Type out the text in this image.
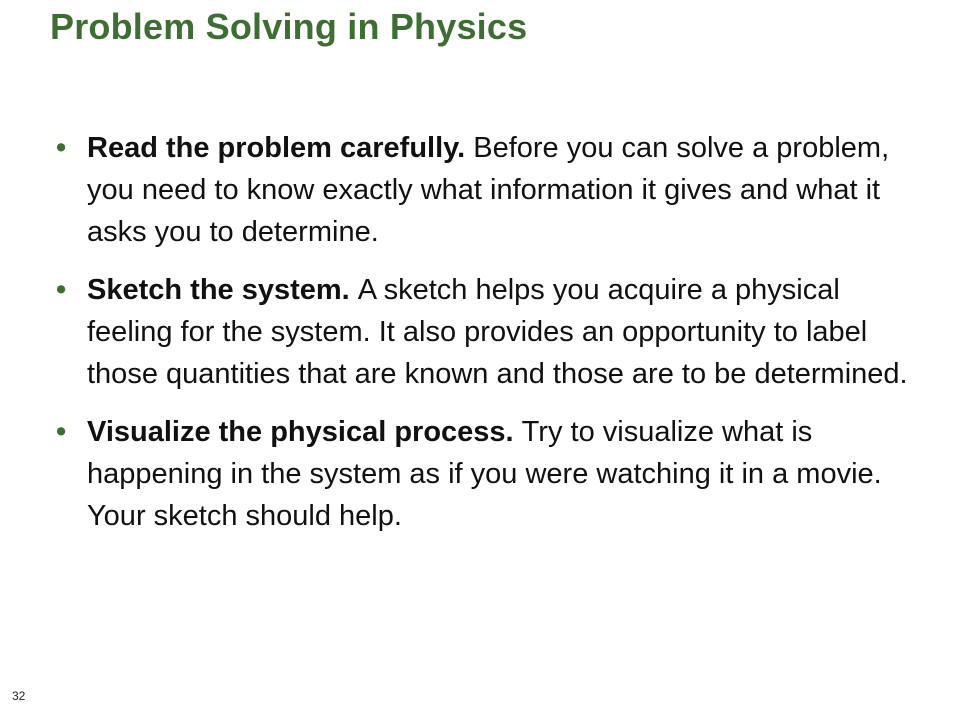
Problem Solving in Physics
• Read the problem carefully. Before you can solve a problem, you need to know exactly what information it gives and what it asks you to determine.
• Sketch the system. A sketch helps you acquire a physical feeling for the system. It also provides an opportunity to label those quantities that are known and those are to be determined.
• Visualize the physical process. Try to visualize what is happening in the system as if you were watching it in a movie. Your sketch should help.
32
